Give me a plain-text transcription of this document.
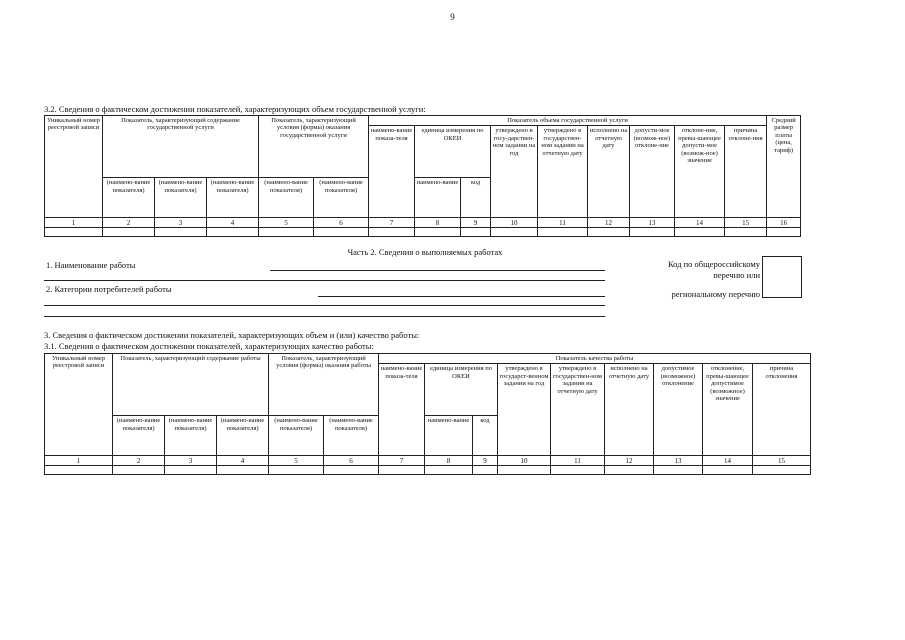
9
3.2. Сведения о фактическом достижении показателей, характеризующих объем государственной услуги:
Уникальный номер реестровой записи	Показатель, характеризующий содержание государственной услуги			Показатель, характеризующий условия (формы) оказания государственной услуги		Показатель объема государственной услуги									Средний размер платы (цена, тариф)
						наимено-вание показа-теля	единица измерения по ОКЕИ		утверждено в госу-дарствен-ном задании на год	утверждено в государствен-ном задании на отчетную дату	исполнено на отчетную дату	допусти-мое (возмож-ное) отклоне-ние	отклоне-ние, превы-шающее допусти-мое (возмож-ное) значение	причина отклоне-ния	
	(наимено-вание показателя)	(наимено-вание показателя)	(наимено-вание показателя)	(наимено-вание показателя)	(наимено-вание показателя)		наимено-вание	код							
1	2	3	4	5	6	7	8	9	10	11	12	13	14	15	16

Часть 2. Сведения о выполняемых работах
1. Наименование работы
2. Категории потребителей работы
Код по общероссийскому
перечню или
региональному перечню
3. Сведения о фактическом достижении показателей, характеризующих объем и (или) качество работы:
3.1. Сведения о фактическом достижении показателей, характеризующих качество работы:
Уникальный номер реестровой записи	Показатель, характеризующий содержание работы			Показатель, характеризующий условия (формы) оказания работы		Показатель качества работы								
						наимено-вание показа-теля	единица измерения по ОКЕИ		утверждено в государст-венном задании на год	утверждено в государствен-ном задании на отчетную дату	исполнено на отчетную дату	допустимое (возможное) отклонение	отклонение, превы-шающее допустимое (возможное) значение	причина отклонения
	(наимено-вание показателя)	(наимено-вание показателя)	(наимено-вание показателя)	(наимено-вание показателя)	(наимено-вание показателя)		наимено-вание	код						
1	2	3	4	5	6	7	8	9	10	11	12	13	14	15
